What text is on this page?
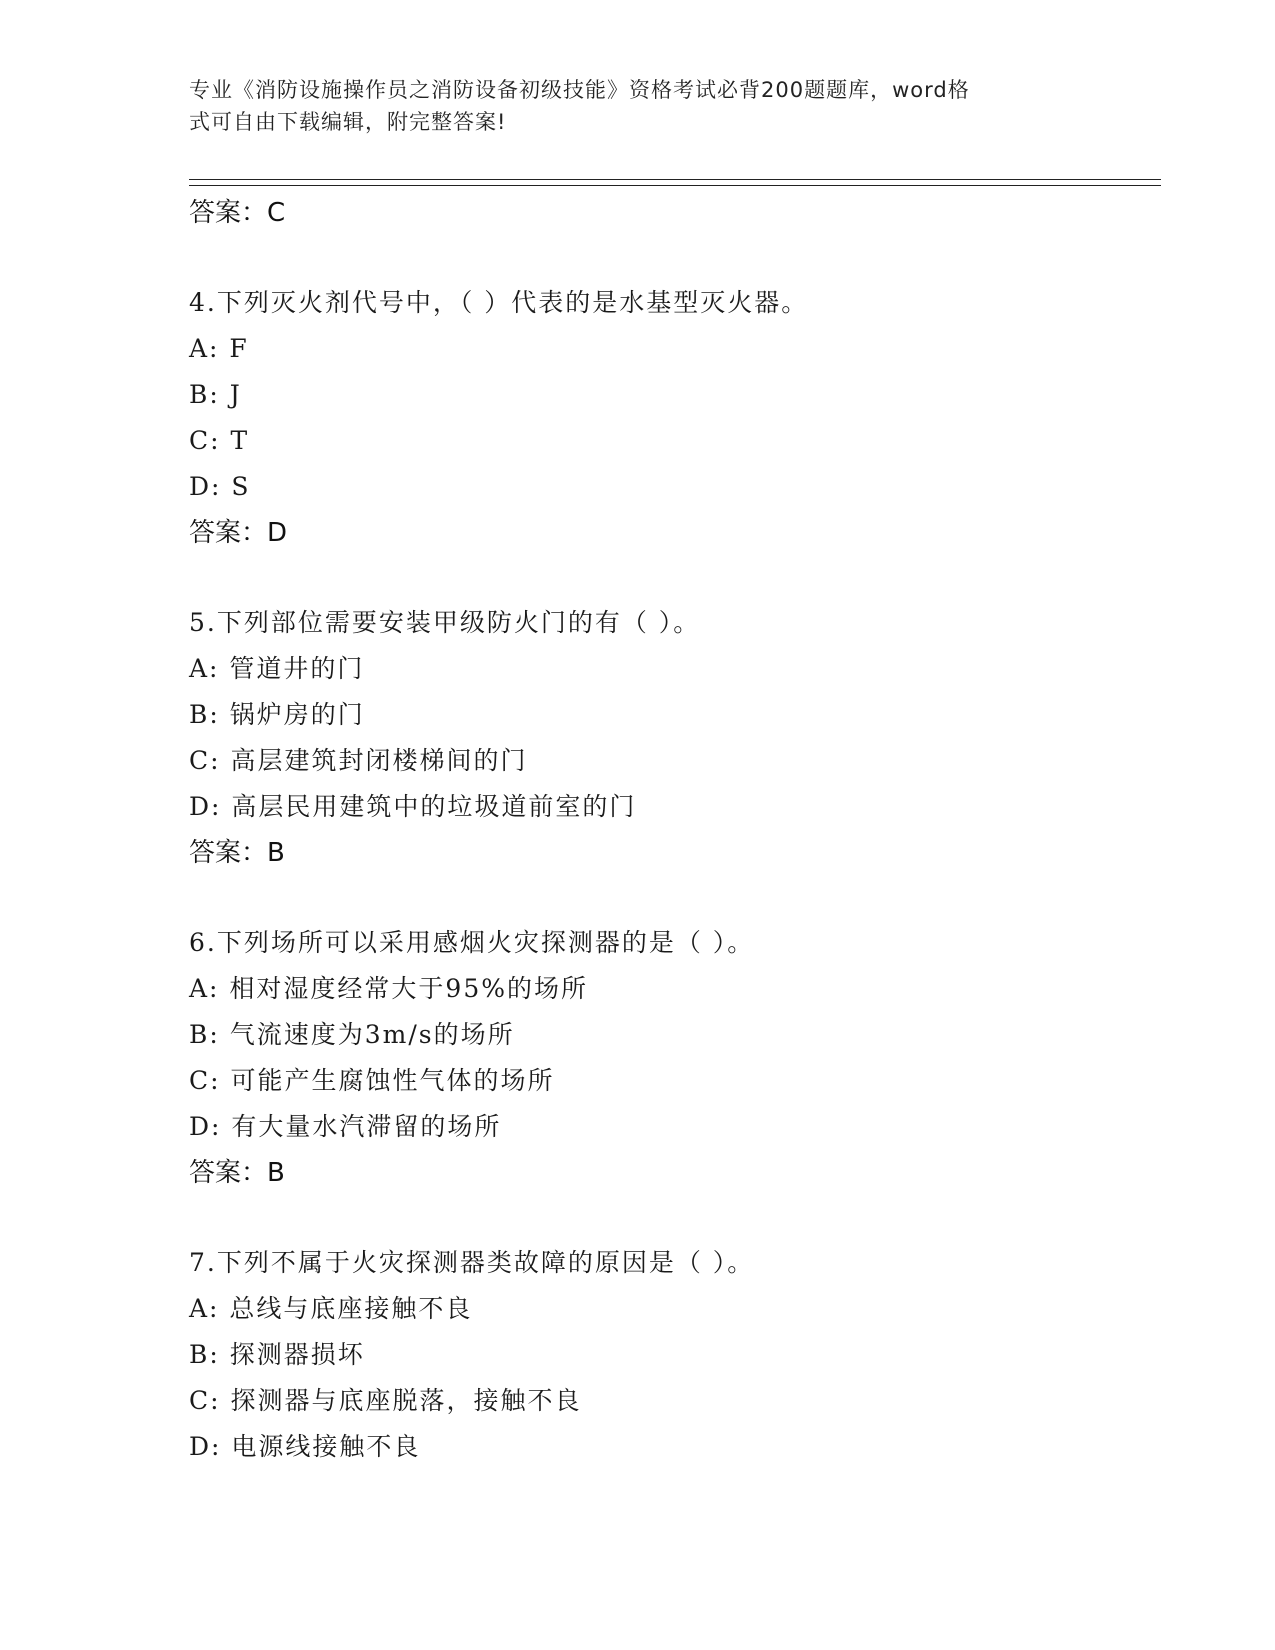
专业《消防设施操作员之消防设备初级技能》资格考试必背200题题库，word格
式可自由下载编辑，附完整答案!
答案：C
4.下列灭火剂代号中，（ ）代表的是水基型灭火器。
A: F
B: J
C: T
D: S
答案：D
5.下列部位需要安装甲级防火门的有（ ）。
A: 管道井的门
B: 锅炉房的门
C: 高层建筑封闭楼梯间的门
D: 高层民用建筑中的垃圾道前室的门
答案：B
6.下列场所可以采用感烟火灾探测器的是（ ）。
A: 相对湿度经常大于95%的场所
B: 气流速度为3m/s的场所
C: 可能产生腐蚀性气体的场所
D: 有大量水汽滞留的场所
答案：B
7.下列不属于火灾探测器类故障的原因是（ ）。
A: 总线与底座接触不良
B: 探测器损坏
C: 探测器与底座脱落，接触不良
D: 电源线接触不良
